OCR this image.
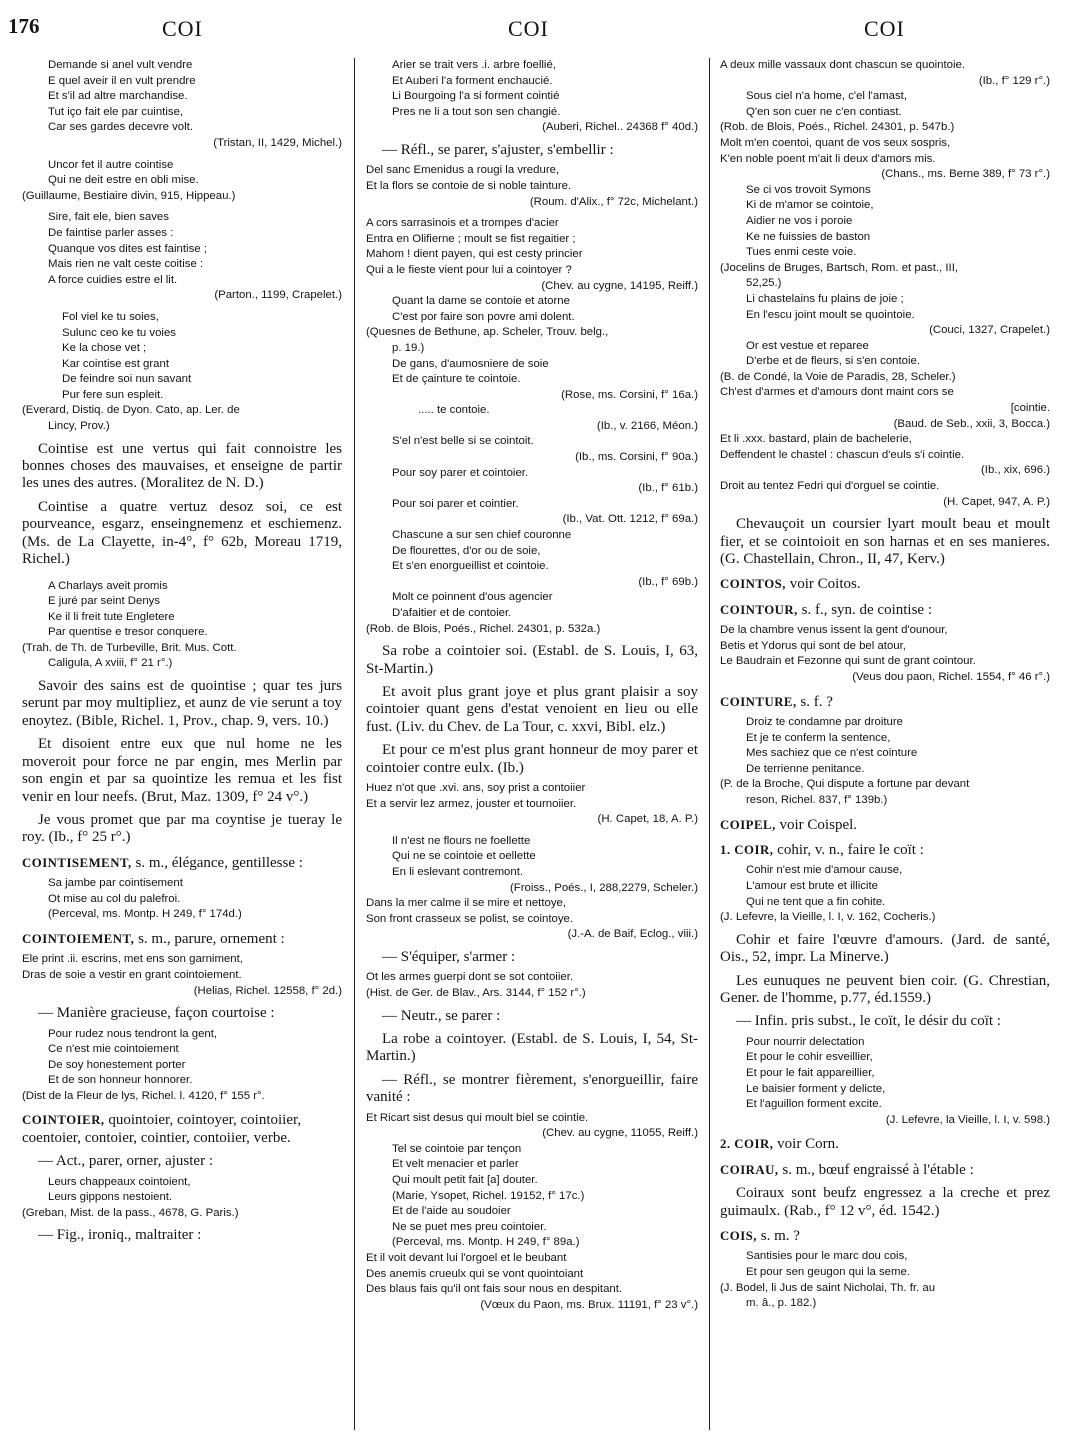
176	COI	COI	COI
Demande si anel vult vendre
E quel aveir il en vult prendre
Et s'il ad altre marchandise.
Tut iço fait ele par cuintise,
Car ses gardes decevre volt.
(Tristan, II, 1429, Michel.)
Uncor fet il autre cointise
Qui ne deit estre en obli mise.
(Guillaume, Bestiaire divin, 915, Hippeau.)
Sire, fait ele, bien saves
De faintise parler asses :
Quanque vos dites est faintise ;
Mais rien ne valt ceste coitise :
A force cuidies estre el lit.
(Parton., 1199, Crapelet.)
Fol viel ke tu soies,
Sulunc ceo ke tu voies
Ke la chose vet ;
Kar cointise est grant
De feindre soi nun savant
Pur fere sun espleit.
(Everard, Distiq. de Dyon. Cato, ap. Ler. de
Lincy, Prov.)
Cointise est une vertus qui fait connoistre les bonnes choses des mauvaises, et enseigne de partir les unes des autres. (Moralitez de N. D.)
Cointise a quatre vertuz desoz soi, ce est pourveance, esgarz, enseingnemenz et eschiemenz. (Ms. de La Clayette, in-4°, f° 62b, Moreau 1719, Richel.)
A Charlays aveit promis
E juré par seint Denys
Ke il li freit tute Engletere
Par quentise e tresor conquere.
(Trah. de Th. de Turbeville, Brit. Mus. Cott.
Caligula, A xviii, f° 21 r°.)
Savoir des sains est de quointise ; quar tes jurs serunt par moy multipliez, et aunz de vie serunt a toy enoytez. (Bible, Richel. 1, Prov., chap. 9, vers. 10.)
Et disoient entre eux que nul home ne les moveroit pour force ne par engin, mes Merlin par son engin et par sa quointize les remua et les fist venir en lour neefs. (Brut, Maz. 1309, f° 24 v°.)
Je vous promet que par ma coyntise je tueray le roy. (Ib., f° 25 r°.)
COINTISEMENT, s. m., élégance, gentillesse :
Sa jambe par cointisement
Ot mise au col du palefroi.
(Perceval, ms. Montp. H 249, f° 174d.)
COINTOIEMENT, s. m., parure, ornement :
Ele print .ii. escrins, met ens son garniment,
Dras de soie a vestir en grant cointoiement.
(Helias, Richel. 12558, f° 2d.)
— Manière gracieuse, façon courtoise :
Pour rudez nous tendront la gent,
Ce n'est mie cointoiement
De soy honestement porter
Et de son honneur honnorer.
(Dist de la Fleur de lys, Richel. l. 4120, f° 155 r°.
COINTOIER, quointoier, cointoyer, cointoiier, coentoier, contoier, cointier, contoiier, verbe.
— Act., parer, orner, ajuster :
Leurs chappeaux cointoient,
Leurs gippons nestoient.
(Greban, Mist. de la pass., 4678, G. Paris.)
— Fig., ironiq., maltraiter :
Arier se trait vers .i. arbre foellié,
Et Auberi l'a forment enchaucié.
Li Bourgoing l'a si forment cointié
Pres ne li a tout son sen changié.
(Auberi, Richel.. 24368 f° 40d.)
— Réfl., se parer, s'ajuster, s'embellir :
Del sanc Emenidus a rougi la vredure,
Et la flors se contoie de si noble tainture.
(Roum. d'Alix., f° 72c, Michelant.)
A cors sarrasinois et a trompes d'acier
Entra en Olifierne ; moult se fist regaitier ;
Mahom ! dient payen, qui est cesty princier
Qui a le fieste vient pour lui a cointoyer ?
(Chev. au cygne, 14195, Reiff.)
Quant la dame se contoie et atorne
C'est por faire son povre ami dolent.
(Quesnes de Bethune, ap. Scheler, Trouv. belg.,
p. 19.)
De gans, d'aumosniere de soie
Et de çainture te cointoie.
(Rose, ms. Corsini, f° 16a.)
..... te contoie.
(Ib., v. 2166, Méon.)
S'el n'est belle si se cointoit.
(Ib., ms. Corsini, f° 90a.)
Pour soy parer et cointoier.
(Ib., f° 61b.)
Pour soi parer et cointier.
(Ib., Vat. Ott. 1212, f° 69a.)
Chascune a sur sen chief couronne
De flourettes, d'or ou de soie,
Et s'en enorgueillist et cointoie.
(Ib., f° 69b.)
Molt ce poinnent d'ous agencier
D'afaitier et de contoier.
(Rob. de Blois, Poés., Richel. 24301, p. 532a.)
Sa robe a cointoier soi. (Establ. de S. Louis, I, 63, St-Martin.)
Et avoit plus grant joye et plus grant plaisir a soy cointoier quant gens d'estat venoient en lieu ou elle fust. (Liv. du Chev. de La Tour, c. xxvi, Bibl. elz.)
Et pour ce m'est plus grant honneur de moy parer et cointoier contre eulx. (Ib.)
Huez n'ot que .xvi. ans, soy prist a contoiier
Et a servir lez armez, jouster et tournoiier.
(H. Capet, 18, A. P.)
Il n'est ne flours ne foellette
Qui ne se cointoie et oellette
En li eslevant contremont.
(Froiss., Poés., I, 288,2279, Scheler.)
Dans la mer calme il se mire et nettoye,
Son front crasseux se polist, se cointoye.
(J.-A. de Baif, Eclog., viii.)
— S'équiper, s'armer :
Ot les armes guerpi dont se sot contoiier.
(Hist. de Ger. de Blav., Ars. 3144, f° 152 r°.)
— Neutr., se parer :
La robe a cointoyer. (Establ. de S. Louis, I, 54, St-Martin.)
— Réfl., se montrer fièrement, s'enorgueillir, faire vanité :
Et Ricart sist desus qui moult biel se cointie.
(Chev. au cygne, 11055, Reiff.)
Tel se cointoie par tençon
Et velt menacier et parler
Qui moult petit fait [a] douter.
(Marie, Ysopet, Richel. 19152, f° 17c.)
Et de l'aide au soudoier
Ne se puet mes preu cointoier.
(Perceval, ms. Montp. H 249, f° 89a.)
Et il voit devant lui l'orgoel et le beubant
Des anemis crueulx qui se vont quointoiant
Des blaus fais qu'il ont fais sour nous en despitant.
(Vœux du Paon, ms. Brux. 11191, f° 23 v°.)
A deux mille vassaux dont chascun se quointoie.
(Ib., f° 129 r°.)
Sous ciel n'a home, c'el l'amast,
Q'en son cuer ne c'en contiast.
(Rob. de Blois, Poés., Richel. 24301, p. 547b.)
Molt m'en coentoi, quant de vos seux sospris,
K'en noble poent m'ait li deux d'amors mis.
(Chans., ms. Berne 389, f° 73 r°.)
Se ci vos trovoit Symons
Ki de m'amor se cointoie,
Aidier ne vos i poroie
Ke ne fuissies de baston
Tues enmi ceste voie.
(Jocelins de Bruges, Bartsch, Rom. et past., III,
52,25.)
Li chastelains fu plains de joie ;
En l'escu joint moult se quointoie.
(Couci, 1327, Crapelet.)
Or est vestue et reparee
D'erbe et de fleurs, si s'en contoie.
(B. de Condé, la Voie de Paradis, 28, Scheler.)
Ch'est d'armes et d'amours dont maint cors se
[cointie.
(Baud. de Seb., xxii, 3, Bocca.)
Et li .xxx. bastard, plain de bachelerie,
Deffendent le chastel : chascun d'euls s'i cointie.
(Ib., xix, 696.)
Droit au tentez Fedri qui d'orguel se cointie.
(H. Capet, 947, A. P.)
Chevauçoit un coursier lyart moult beau et moult fier, et se cointoioit en son harnas et en ses manieres. (G. Chastellain, Chron., II, 47, Kerv.)
COINTOS, voir Coitos.
COINTOUR, s. f., syn. de cointise :
De la chambre venus issent la gent d'ounour,
Betis et Ydorus qui sont de bel atour,
Le Baudrain et Fezonne qui sunt de grant cointour.
(Veus dou paon, Richel. 1554, f° 46 r°.)
COINTURE, s. f. ?
Droiz te condamne par droiture
Et je te conferm la sentence,
Mes sachiez que ce n'est cointure
De terrienne penitance.
(P. de la Broche, Qui dispute a fortune par devant
reson, Richel. 837, f° 139b.)
COIPEL, voir Coispel.
1. COIR, cohir, v. n., faire le coït :
Cohir n'est mie d'amour cause,
L'amour est brute et illicite
Qui ne tent que a fin cohite.
(J. Lefevre, la Vieille, l. I, v. 162, Cocheris.)
Cohir et faire l'œuvre d'amours. (Jard. de santé, Ois., 52, impr. La Minerve.)
Les eunuques ne peuvent bien coir. (G. Chrestian, Gener. de l'homme, p.77, éd.1559.)
— Infin. pris subst., le coït, le désir du coït :
Pour nourrir delectation
Et pour le cohir esveillier,
Et pour le fait appareillier,
Le baisier forment y delicte,
Et l'aguillon forment excite.
(J. Lefevre, la Vieille, l. I, v. 598.)
2. COIR, voir Corn.
COIRAU, s. m., bœuf engraissé à l'étable :
Coiraux sont beufz engressez a la creche et prez guimaulx. (Rab., f° 12 v°, éd. 1542.)
COIS, s. m. ?
Santisies pour le marc dou cois,
Et pour sen geugon qui la seme.
(J. Bodel, li Jus de saint Nicholai, Th. fr. au
m. â., p. 182.)
